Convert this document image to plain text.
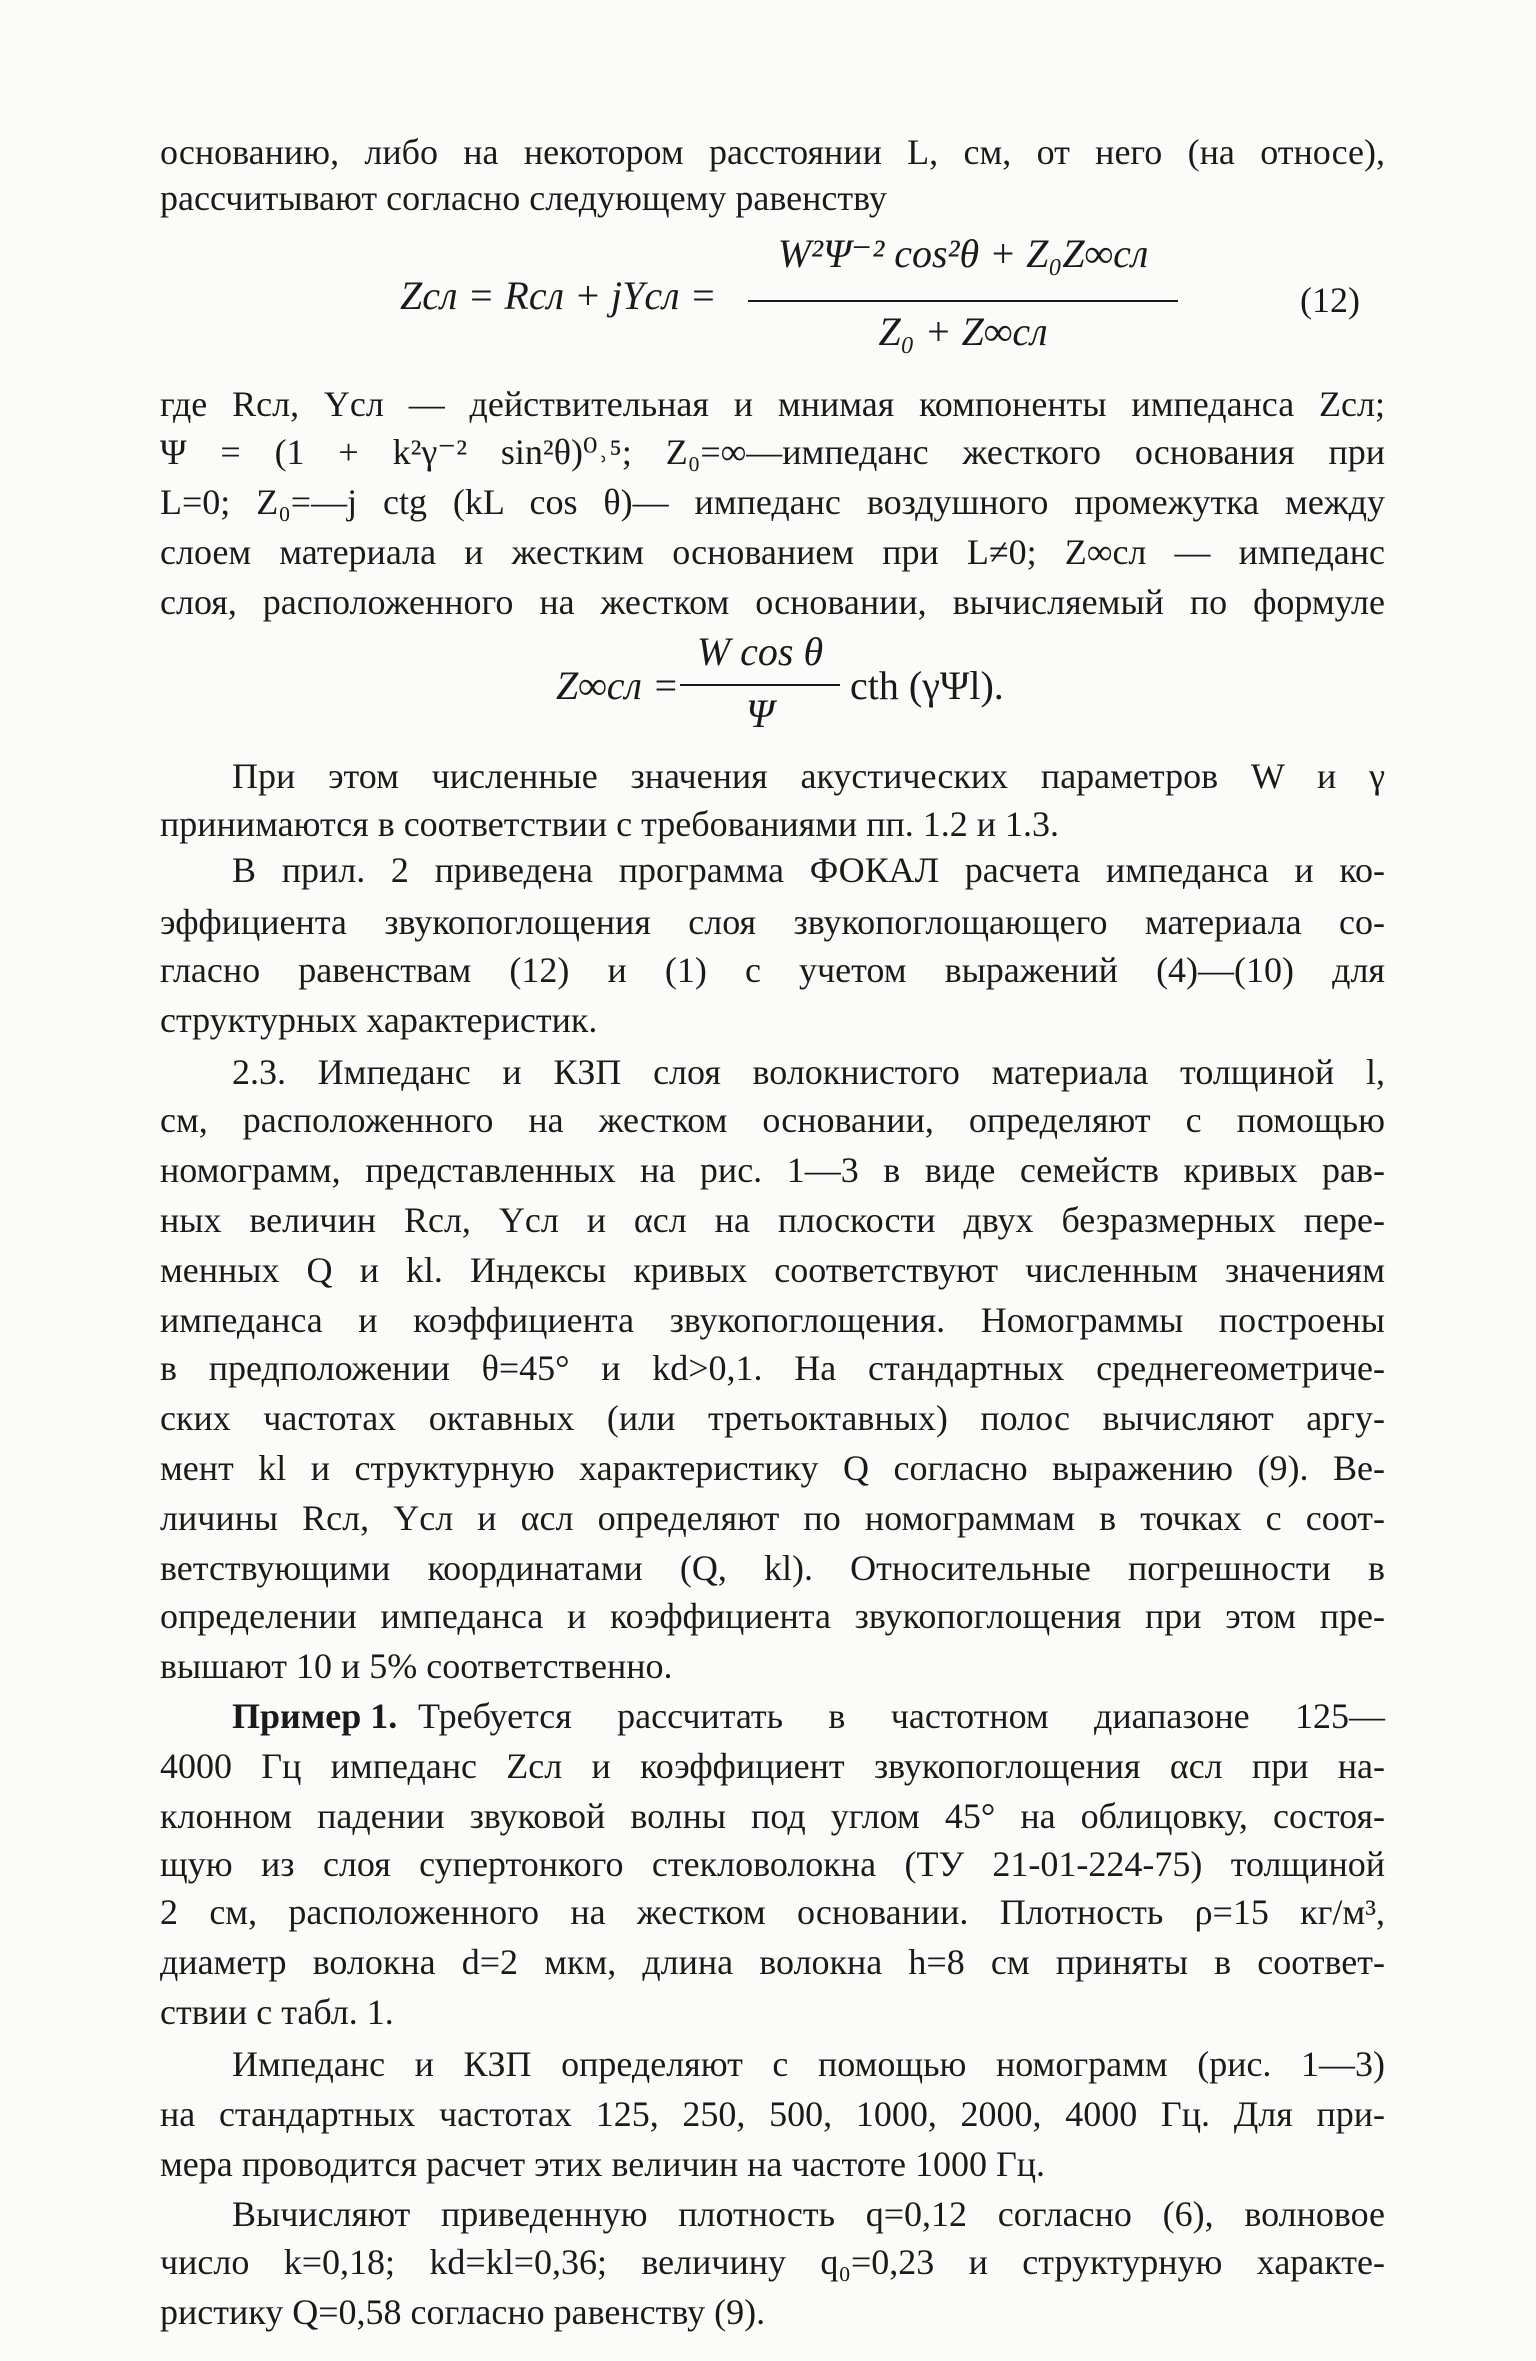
основанию, либо на некотором расстоянии L, см, от него (на относе),
рассчитывают согласно следующему равенству
Zсл = Rсл + jYсл =
W²Ψ⁻² cos²θ + Z₀Z∞сл
Z₀ + Z∞сл
(12)
где Rсл, Yсл — действительная и мнимая компоненты импеданса Zсл;
Ψ = (1 + k²γ⁻² sin²θ)⁰˒⁵; Z₀=∞—импеданс жесткого основания при
L=0; Z₀=—j ctg (kL cos θ)— импеданс воздушного промежутка между
слоем материала и жестким основанием при L≠0; Z∞сл — импеданс
слоя, расположенного на жестком основании, вычисляемый по формуле
Z∞сл =
W cos θ
Ψ
cth (γΨl).
При этом численные значения акустических параметров W и γ
принимаются в соответствии с требованиями пп. 1.2 и 1.3.
В прил. 2 приведена программа ФОКАЛ расчета импеданса и ко-
эффициента звукопоглощения слоя звукопоглощающего материала со-
гласно равенствам (12) и (1) с учетом выражений (4)—(10) для
структурных характеристик.
2.3. Импеданс и КЗП слоя волокнистого материала толщиной l,
см, расположенного на жестком основании, определяют с помощью
номограмм, представленных на рис. 1—3 в виде семейств кривых рав-
ных величин Rсл, Yсл и αсл на плоскости двух безразмерных пере-
менных Q и kl. Индексы кривых соответствуют численным значениям
импеданса и коэффициента звукопоглощения. Номограммы построены
в предположении θ=45° и kd>0,1. На стандартных среднегеометриче-
ских частотах октавных (или третьоктавных) полос вычисляют аргу-
мент kl и структурную характеристику Q согласно выражению (9). Ве-
личины Rсл, Yсл и αсл определяют по номограммам в точках с соот-
ветствующими координатами (Q, kl). Относительные погрешности в
определении импеданса и коэффициента звукопоглощения при этом пре-
вышают 10 и 5% соответственно.
Пример 1. Требуется рассчитать в частотном диапазоне 125—
4000 Гц импеданс Zсл и коэффициент звукопоглощения αсл при на-
клонном падении звуковой волны под углом 45° на облицовку, состоя-
щую из слоя супертонкого стекловолокна (ТУ 21-01-224-75) толщиной
2 см, расположенного на жестком основании. Плотность ρ=15 кг/м³,
диаметр волокна d=2 мкм, длина волокна h=8 см приняты в соответ-
ствии с табл. 1.
Импеданс и КЗП определяют с помощью номограмм (рис. 1—3)
на стандартных частотах 125, 250, 500, 1000, 2000, 4000 Гц. Для при-
мера проводится расчет этих величин на частоте 1000 Гц.
Вычисляют приведенную плотность q=0,12 согласно (6), волновое
число k=0,18; kd=kl=0,36; величину q₀=0,23 и структурную характе-
ристику Q=0,58 согласно равенству (9).
